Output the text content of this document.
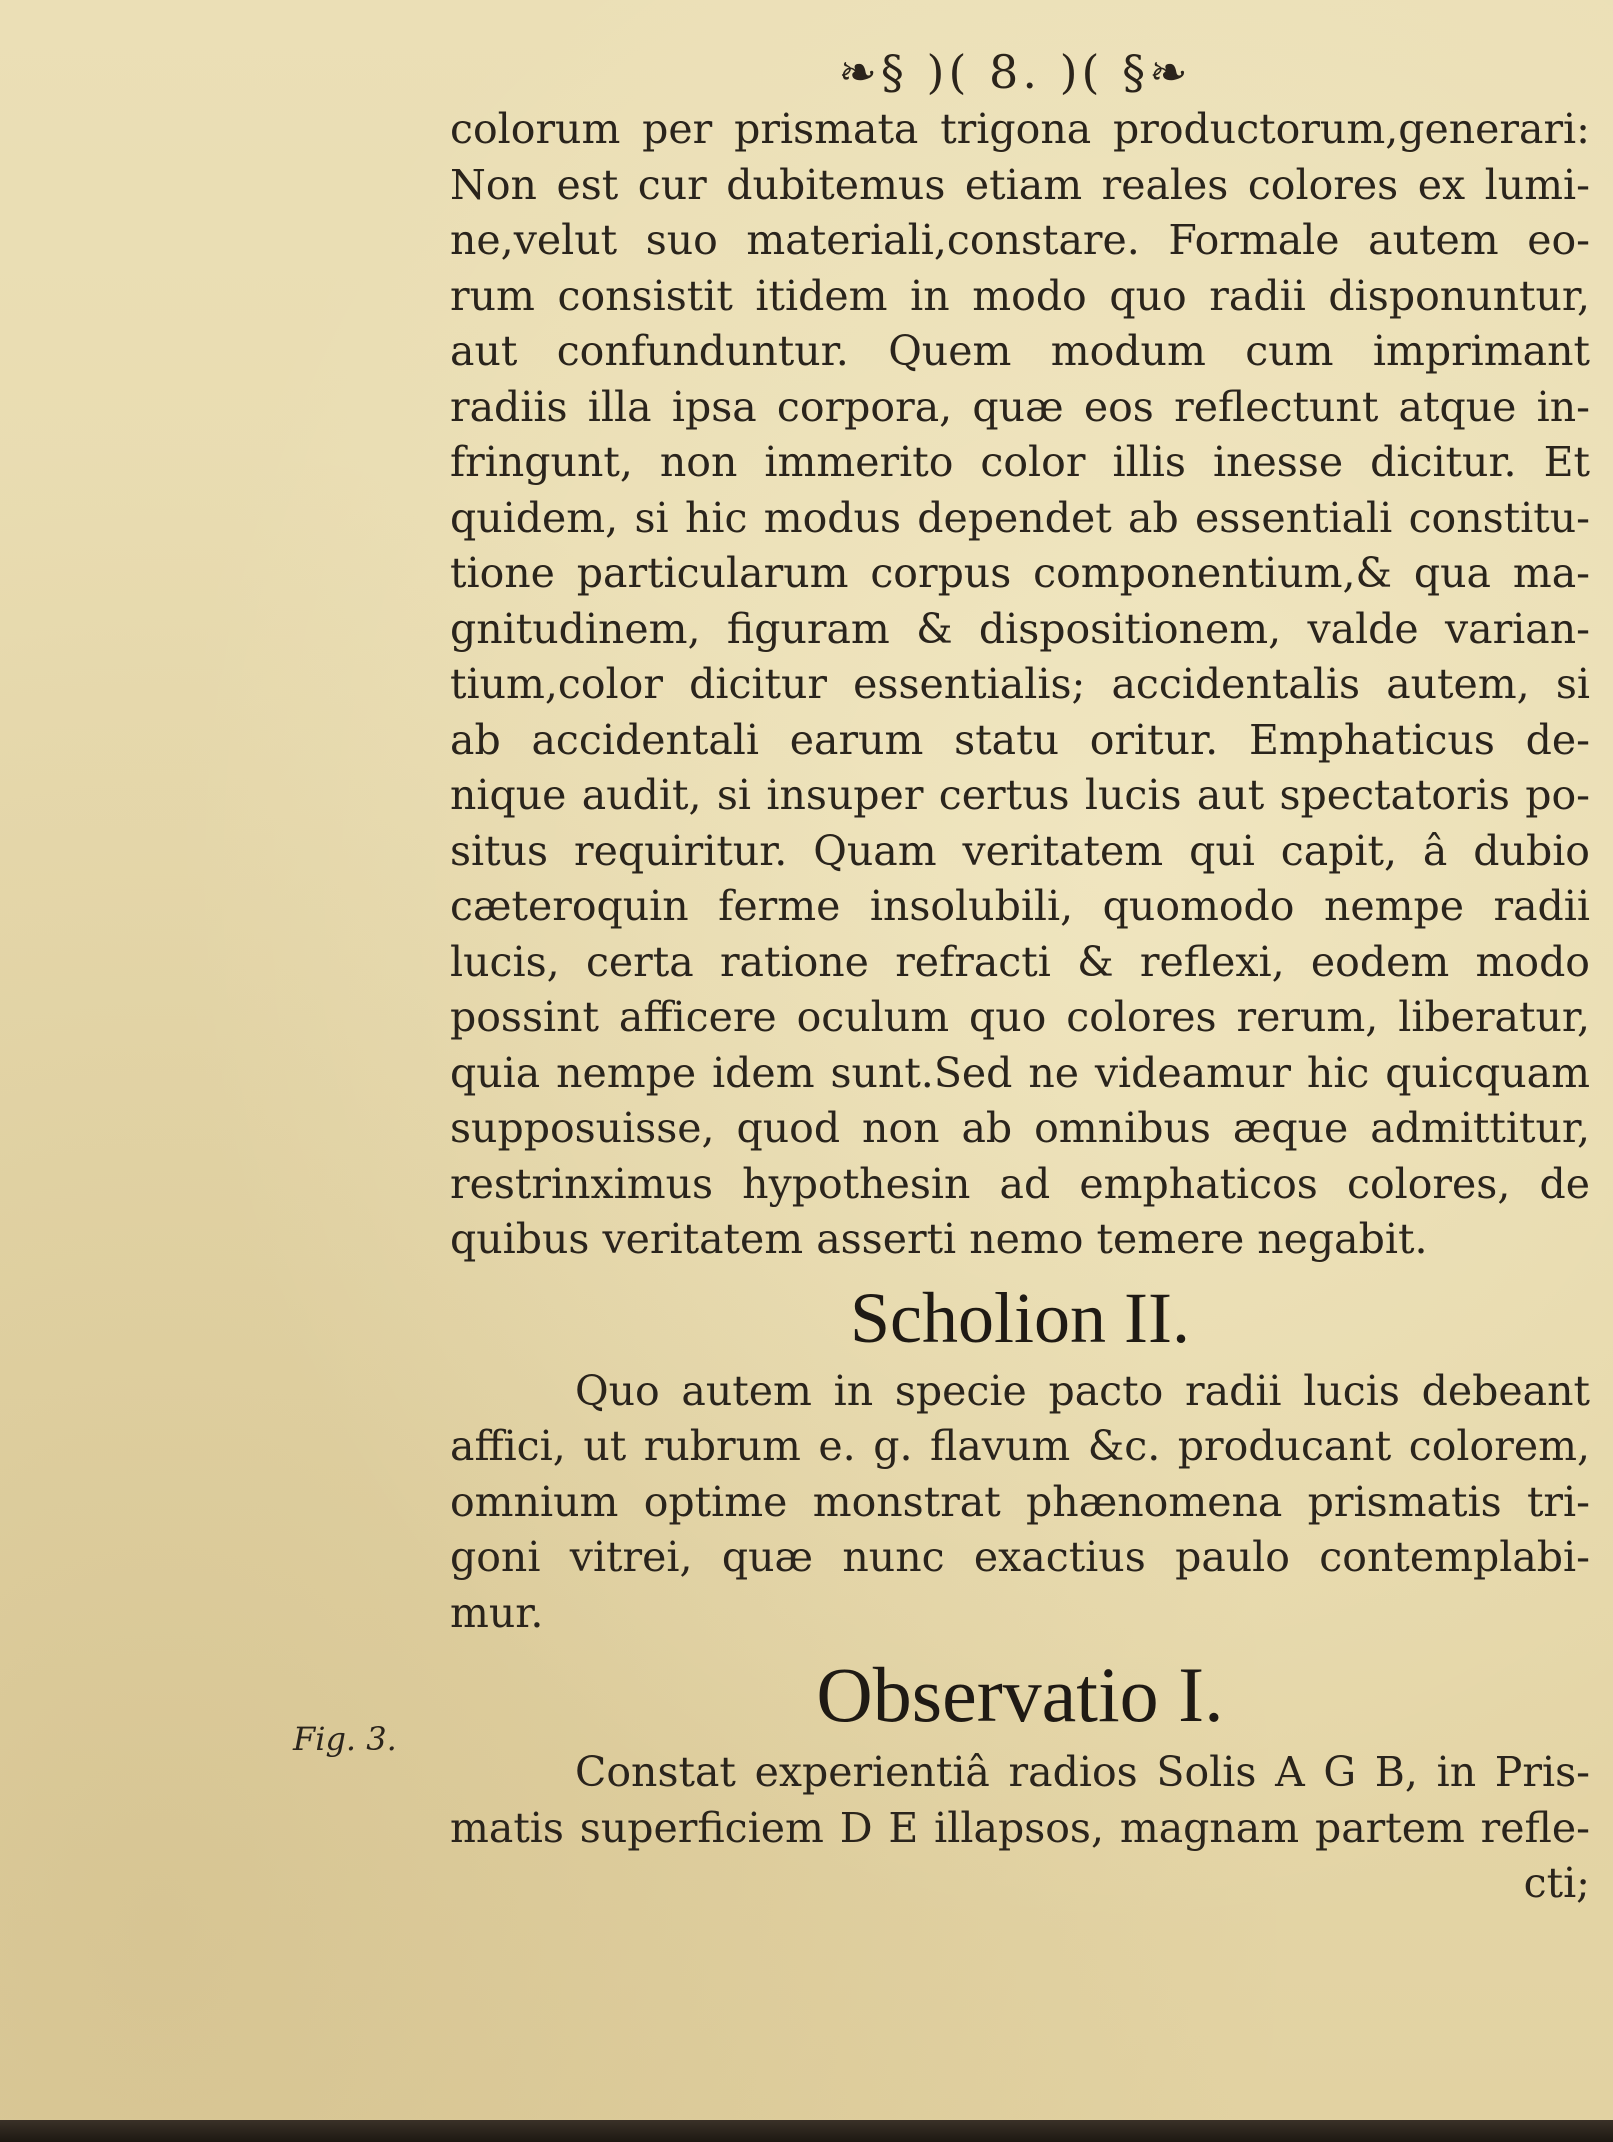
❧§ )( 8. )( §❧
colorum per prismata trigona productorum,generari:
Non est cur dubitemus etiam reales colores ex lumi-
ne,velut suo materiali,constare. Formale autem eo-
rum consistit itidem in modo quo radii disponuntur,
aut confunduntur. Quem modum cum imprimant
radiis illa ipsa corpora, quæ eos reflectunt atque in-
fringunt, non immerito color illis inesse dicitur. Et
quidem, si hic modus dependet ab essentiali constitu-
tione particularum corpus componentium,& qua ma-
gnitudinem, figuram & dispositionem, valde varian-
tium,color dicitur essentialis; accidentalis autem, si
ab accidentali earum statu oritur. Emphaticus de-
nique audit, si insuper certus lucis aut spectatoris po-
situs requiritur. Quam veritatem qui capit, â dubio
cæteroquin ferme insolubili, quomodo nempe radii
lucis, certa ratione refracti & reflexi, eodem modo
possint afficere oculum quo colores rerum, liberatur,
quia nempe idem sunt.Sed ne videamur hic quicquam
supposuisse, quod non ab omnibus æque admittitur,
restrinximus hypothesin ad emphaticos colores, de
quibus veritatem asserti nemo temere negabit.
Scholion II.
Quo autem in specie pacto radii lucis debeant
affici, ut rubrum e. g. flavum &c. producant colorem,
omnium optime monstrat phænomena prismatis tri-
goni vitrei, quæ nunc exactius paulo contemplabi-
mur.
Observatio I.
Constat experientiâ radios Solis A G B, in Pris-
matis superficiem D E illapsos, magnam partem refle-
cti;
Fig. 3.
